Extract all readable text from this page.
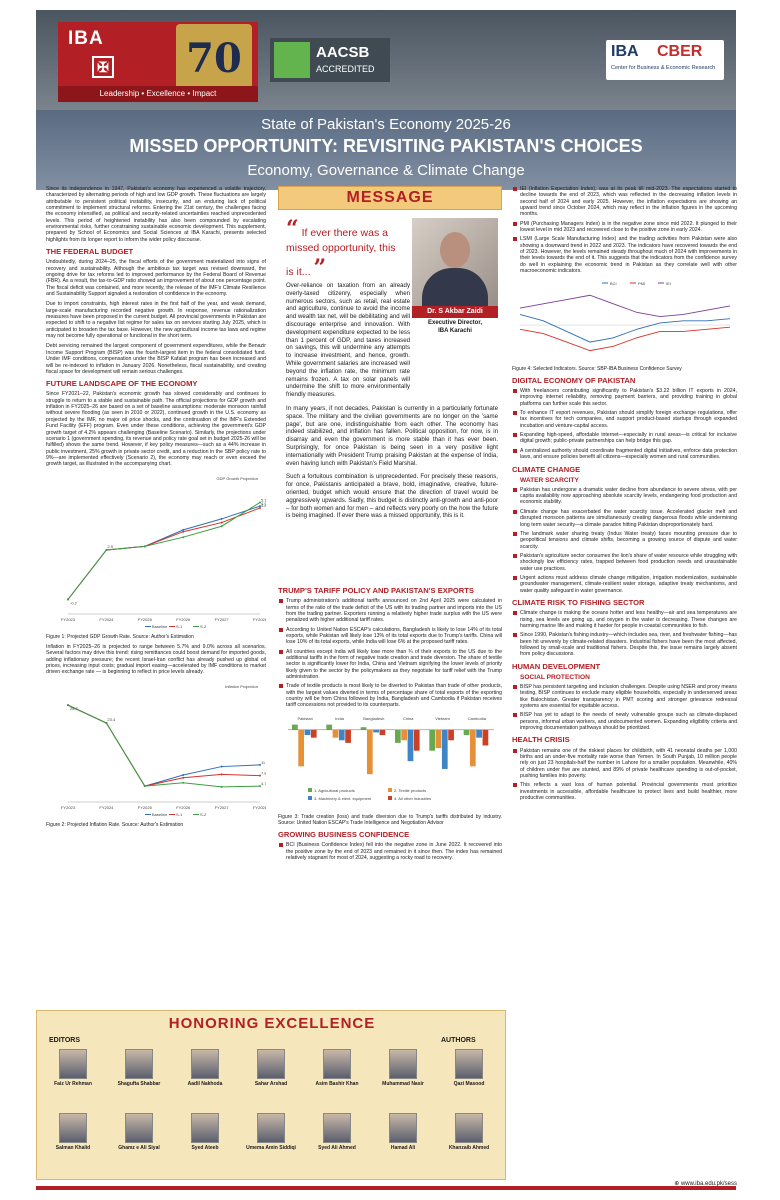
IBA
✠ 70
Leadership • Excellence • Impact
AACSB
ACCREDITED
IBA CBER
Center for Business & Economic Research
State of Pakistan's Economy 2025-26
MISSED OPPORTUNITY: REVISITING PAKISTAN'S CHOICES
Economy, Governance & Climate Change

Since its independence in 1947, Pakistan's economy has experienced a volatile trajectory, characterized by alternating periods of high and low GDP growth. These fluctuations are largely attributable to persistent political instability, insecurity, and an enduring lack of political commitment to implement structural reforms. Entering the 21st century, the challenges facing the economy intensified, as political and security-related uncertainties reached unprecedented levels. This period of heightened instability has also been compounded by escalating environmental risks, further constraining sustainable economic development. This supplement, prepared by School of Economics and Social Sciences at IBA Karachi, presents selected highlights from its longer report to inform the wider policy discourse.

THE FEDERAL BUDGET

Undoubtedly, during 2024–25, the fiscal efforts of the government materialized into signs of recovery and sustainability. Although the ambitious tax target was revised downward, the ongoing drive for tax reforms led to improved performance by the Federal Board of Revenue (FBR). As a result, the tax-to-GDP ratio showed an improvement of about one percentage point. The fiscal deficit was contained, and more recently, the release of the IMF's Climate Resilience and Sustainability Support signaled a restoration of confidence in the economy.

Due to import constraints, high interest rates in the first half of the year, and weak demand, large-scale manufacturing recorded negative growth. In response, revenue rationalization measures have been proposed in the current budget. All provincial governments in Pakistan are expected to shift to a negative list regime for sales tax on services starting July 2025, which is anticipated to broaden the tax base. However, the new agricultural income tax laws and regime may not become fully operational or functional in the short term.

Debt servicing remained the largest component of government expenditures, while the Benazir Income Support Program (BISP) was the fourth-largest item in the federal consolidated fund. Under IMF conditions, compensation under the BISP Kafalat program has been increased and will be re-indexed to inflation in January 2026. Nonetheless, fiscal sustainability, and creating fiscal space for development will remain serious challenges.

FUTURE LANDSCAPE OF THE ECONOMY

Since FY2021–22, Pakistan's economic growth has slowed considerably and continues to struggle to return to a stable and sustainable path. The official projections for GDP growth and inflation in FY2025–26 are based on a set of baseline assumptions: moderate monsoon rainfall without severe flooding (as seen in 2010 or 2022), continued growth in the U.S. economy as projected by the IMF, no major oil price shocks, and the continuation of the IMF's Extended Fund Facility (EFF) program. Even under these conditions, achieving the government's GDP growth target of 4.2% appears challenging (Baseline Scenario). Similarly, the projections under scenario 1 (government spending, its revenue and policy rate goal set in budget 2025-26 will be fulfilled) shows the same trend. However, if key policy measures—such as a 44% increase in public investment, 25% growth in private sector credit, and a reduction in the SBP policy rate to 9%—are implemented effectively (Scenario 2), the economy may reach or even exceed the growth target, as illustrated in the accompanying chart.

GDP Growth Projection
FY2023	FY2024	FY2025	FY2026	FY2027	FY2028
4.9
4.8
5.1
-0.2
2.5
Baseline S-1	S-2
Figure 1: Projected GDP Growth Rate. Source: Author's Estimation

Inflation in FY2025–26 is projected to range between 5.7% and 9.0% across all scenarios. Several factors may drive this trend: rising remittances could boost demand for imported goods, adding inflationary pressure; the recent Israel-Iran conflict has already pushed up global oil prices, increasing input costs; gradual import easing—accelerated by IMF conditions to market driven exchange rate — is beginning to reflect in price levels already.

Inflation Projection
FY2023	FY2024	FY2025	FY2026	FY2027	FY2028
11
7.8
4.7
28.7
23.4
Baseline S-1	S-2
Figure 2: Projected Inflation Rate. Source: Author's Estimation
MESSAGE
“ If ever there was a missed opportunity, this is it... ”
Dr. S Akbar Zaidi
Executive Director,
IBA Karachi

Over-reliance on taxation from an already overly-taxed citizenry, especially when numerous sectors, such as retail, real estate and agriculture, continue to avoid the income and wealth tax net, will be debilitating and will discourage enterprise and innovation. With development expenditure expected to be less than 1 percent of GDP, and taxes increased on savings, this will undermine any attempts to increase investment, and hence, growth. While government salaries are increased well beyond the inflation rate, the minimum rate remains frozen. A tax on solar panels will undermine the shift to more environmentally friendly measures.

In many years, if not decades, Pakistan is currently in a particularly fortunate space. The military and the civilian governments are no longer on the 'same page', but are one, indistinguishable from each other. The economy has indeed stabilized, and inflation has fallen. Political opposition, for now, is in disarray and even the government is more stable than it has ever been. Surprisingly, for once Pakistan is being seen in a very positive light internationally with President Trump praising Pakistan at the expense of India, even having lunch with Pakistan's Field Marshal.

Such a fortuitous combination is unprecedented. For precisely these reasons, for once, Pakistanis anticipated a brave, bold, imaginative, creative, future-oriented, budget which would ensure that the direction of travel would be aggressively upwards. Sadly, this budget is distinctly anti-growth and anti-poor – for both women and for men – and reflects very poorly on the how the future is being imagined. If ever there was a missed opportunity, this is it.

TRUMP'S TARIFF POLICY AND PAKISTAN'S EXPORTS
Trump administration's additional tariffs announced on 2nd April 2025 were calculated in terms of the ratio of the trade deficit of the US with its trading partner and imports into the US from the trading partner. Exporters running a relatively higher trade surplus with the US were penalized with higher additional tariff rates.
According to United Nation ESCAP's calculations, Bangladesh is likely to lose 14% of its total exports, while Pakistan will likely lose 13% of its total exports due to Trump's tariffs. China will lose 10% of its total exports, while India will lose 6% at the proposed tariff rates.
All countries except India will likely lose more than ¾ of their exports to the US due to the additional tariffs in the form of negative trade creation and trade diversion. The share of textile sector is significantly lower for India, China and Vietnam signifying the lower levels of priority likely given to the sector by the policymakers as they negotiate for tariff relief with the Trump administration.
Trade of textile products is most likely to be diverted to Pakistan than trade of other products, with the largest values diverted in terms of percentage share of total exports of the exporting country will be from China followed by India, Bangladesh and Cambodia if Pakistan receives tariff concessions not provided to its counterparts.
Pakistan	India	Bangladesh	China	Vietnam	Cambodia
1. Agricultural products	2. Textile products
3. Machinery & elect. equipment	4. All other industries
Figure 3: Trade creation (loss) and trade diversion due to Trump's tariffs distributed by industry. Source: United Nation ESCAP's Trade Intelligence and Negotiation Advisor
GROWING BUSINESS CONFIDENCE
BCI (Business Confidence Index) fell into the negative zone in June 2022. It recovered into the positive zone by the end of 2023 and remained in it since then. The index has remained relatively stagnant for most of 2024, suggesting a rocky road to recovery.
IEI (Inflation Expectation Index), was at its peak till mid-2023. The expectations started to decline towards the end of 2023, which was reflected in the decreasing inflation levels in second half of 2024 and early 2025. However, the inflation expectations are showing an upward trend since October 2024, which may reflect in the inflation figures in the upcoming months.
PMI (Purchasing Managers Index) is in the negative zone since mid 2022. It plunged to their lowest level in mid 2023 and recovered close to the positive zone in early 2024.
LSMI (Large Scale Manufacturing Index) and the trading activities from Pakistan were also showing a downward trend in 2022 and 2023. The indicators have recovered towards the end of 2023. However, the levels remained steady throughout much of 2024 with improvements in their levels towards the end of it. This suggests that the indicators from the confidence survey do well in explaining the economic trend in Pakistan as they correlate well with other macroeconomic indicators.
BCI	PMI	IEI
Figure 4: Selected Indicators. Source: SBP-IBA Business Confidence Survey
DIGITAL ECONOMY OF PAKISTAN
With freelancers contributing significantly to Pakistan's $3.22 billion IT exports in 2024, improving internet reliability, removing payment barriers, and providing training in global platforms can further scale this sector.
To enhance IT export revenues, Pakistan should simplify foreign exchange regulations, offer tax incentives for tech companies, and support product-based startups through expanded incubation and venture-capital access.
Expanding high-speed, affordable internet—especially in rural areas—is critical for inclusive digital growth; public-private partnerships can help bridge this gap.
A centralized authority should coordinate fragmented digital initiatives, enforce data protection laws, and ensure policies benefit all citizens—especially women and rural communities.
CLIMATE CHANGE
WATER SCARCITY
Pakistan has undergone a dramatic water decline from abundance to severe stress, with per capita availability now approaching absolute scarcity levels, endangering food production and economic stability.
Climate change has exacerbated the water scarcity issue. Accelerated glacier melt and disrupted monsoon patterns are simultaneously creating dangerous floods while undermining long term water security—a climate paradox hitting Pakistan disproportionately hard.
The landmark water sharing treaty (Indus Water treaty) faces mounting pressure due to geopolitical tensions and climate shifts, becoming a growing source of dispute and water scarcity.
Pakistan's agriculture sector consumes the lion's share of water resource while struggling with shockingly low efficiency rates, trapped between food production needs and unsustainable water use practices.
Urgent actions must address climate change mitigation, irrigation modernization, sustainable groundwater management, climate-resilient water storage, adaptive treaty mechanisms, and water quality safeguard in water governance.
CLIMATE RISK TO FISHING SECTOR
Climate change is making the oceans hotter and less healthy—air and sea temperatures are rising, sea levels are going up, and oxygen in the water is decreasing. These changes are harming marine life and making it harder for people in coastal communities to fish.
Since 1990, Pakistan's fishing industry—which includes sea, river, and freshwater fishing—has been hit unevenly by climate-related disasters. Industrial fishers have been the most affected, followed by small-scale and traditional fishers. Despite this, the issue remains largely absent from policy discussions.
HUMAN DEVELOPMENT
SOCIAL PROTECTION
BISP has persistent targeting and inclusion challenges. Despite using NSER and proxy means testing, BISP continues to exclude many eligible households, especially in underserved areas like Balochistan. Greater transparency in PMT scoring and stronger grievance redressal systems are essential for equitable access.
BISP has yet to adapt to the needs of newly vulnerable groups such as climate-displaced persons, informal urban workers, and undocumented women. Expanding eligibility criteria and improving documentation pathways should be prioritized.
HEALTH CRISIS
Pakistan remains one of the riskiest places for childbirth, with 41 neonatal deaths per 1,000 births and an under-five mortality rate worse than Yemen. In South Punjab, 10 million people rely on just 23 hospitals-half the number in Lahore for a smaller population. Meanwhile, 40% of children under five are stunted, and 89% of private healthcare spending is out-of-pocket, pushing families into poverty.
This reflects a vast loss of human potential. Provincial governments must prioritize investments in accessible, affordable healthcare to protect lives and build healthier, more productive communities.
HONORING EXCELLENCE
EDITORS	AUTHORS
Faiz Ur Rehman	Shagufta Shabbar	Aadil Nakhoda	Sahar Arshad	Asim Bashir Khan	Muhammad Nasir	Qazi Masood
Salman Khalid	Ghamz e Ali Siyal	Syed Ateeb	Umema Amin Siddiqi	Syed Ali Ahmed	Hamad Ali	Khanzaib Ahmed
⊕ www.iba.edu.pk/sess
